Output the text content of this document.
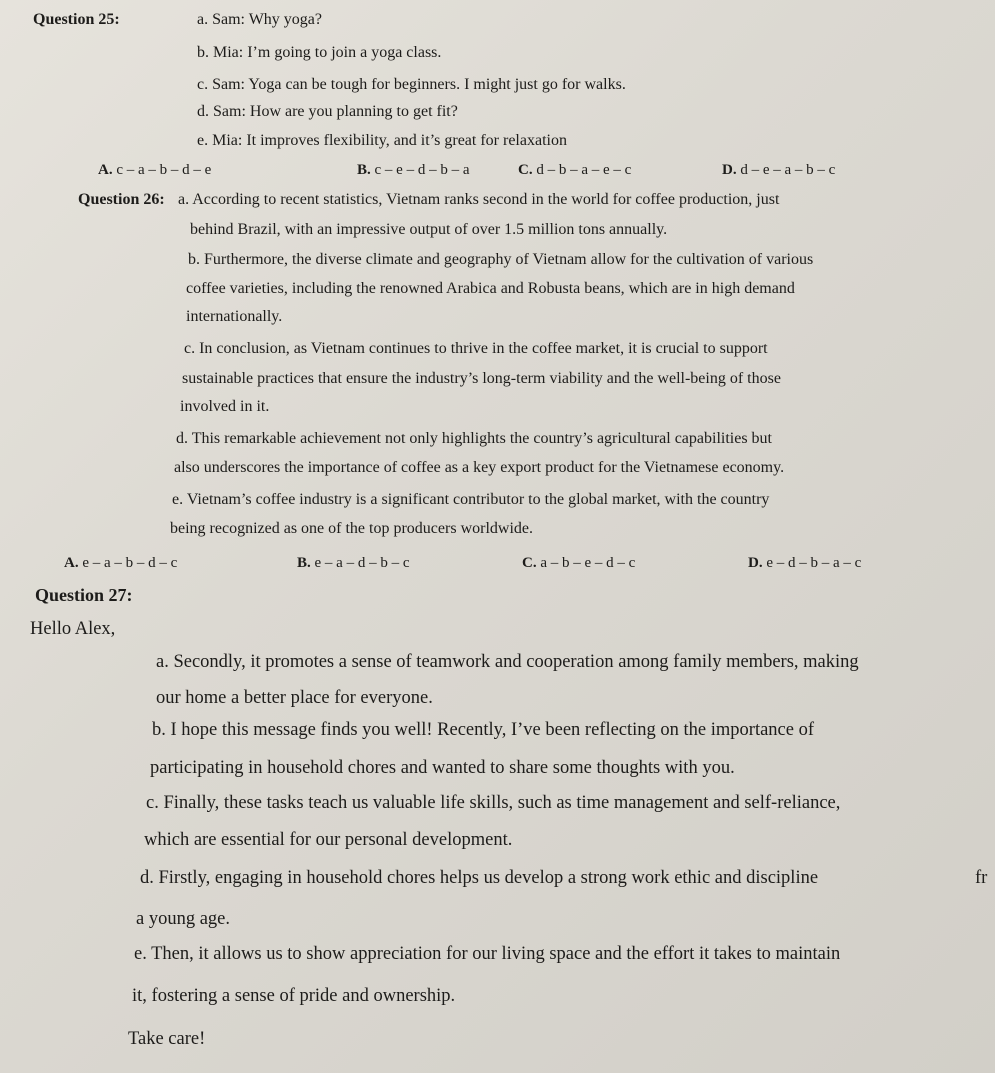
Question 25:	a. Sam: Why yoga?
b. Mia: I’m going to join a yoga class.
c. Sam: Yoga can be tough for beginners. I might just go for walks.
d. Sam: How are you planning to get fit?
e. Mia: It improves flexibility, and it’s great for relaxation
A. c – a – b – d – e	B. c – e – d – b – a	C. d – b – a – e – c	D. d – e – a – b – c
Question 26: a. According to recent statistics, Vietnam ranks second in the world for coffee production, just
behind Brazil, with an impressive output of over 1.5 million tons annually.
b. Furthermore, the diverse climate and geography of Vietnam allow for the cultivation of various
coffee varieties, including the renowned Arabica and Robusta beans, which are in high demand
internationally.
c. In conclusion, as Vietnam continues to thrive in the coffee market, it is crucial to support
sustainable practices that ensure the industry’s long-term viability and the well-being of those
involved in it.
d. This remarkable achievement not only highlights the country’s agricultural capabilities but
also underscores the importance of coffee as a key export product for the Vietnamese economy.
e. Vietnam’s coffee industry is a significant contributor to the global market, with the country
being recognized as one of the top producers worldwide.
A. e – a – b – d – c	B. e – a – d – b – c	C. a – b – e – d – c	D. e – d – b – a – c
Question 27:
Hello Alex,
a. Secondly, it promotes a sense of teamwork and cooperation among family members, making
our home a better place for everyone.
b. I hope this message finds you well! Recently, I’ve been reflecting on the importance of
participating in household chores and wanted to share some thoughts with you.
c. Finally, these tasks teach us valuable life skills, such as time management and self-reliance,
which are essential for our personal development.
d. Firstly, engaging in household chores helps us develop a strong work ethic and discipline	fr
a young age.
e. Then, it allows us to show appreciation for our living space and the effort it takes to maintain
it, fostering a sense of pride and ownership.
Take care!
